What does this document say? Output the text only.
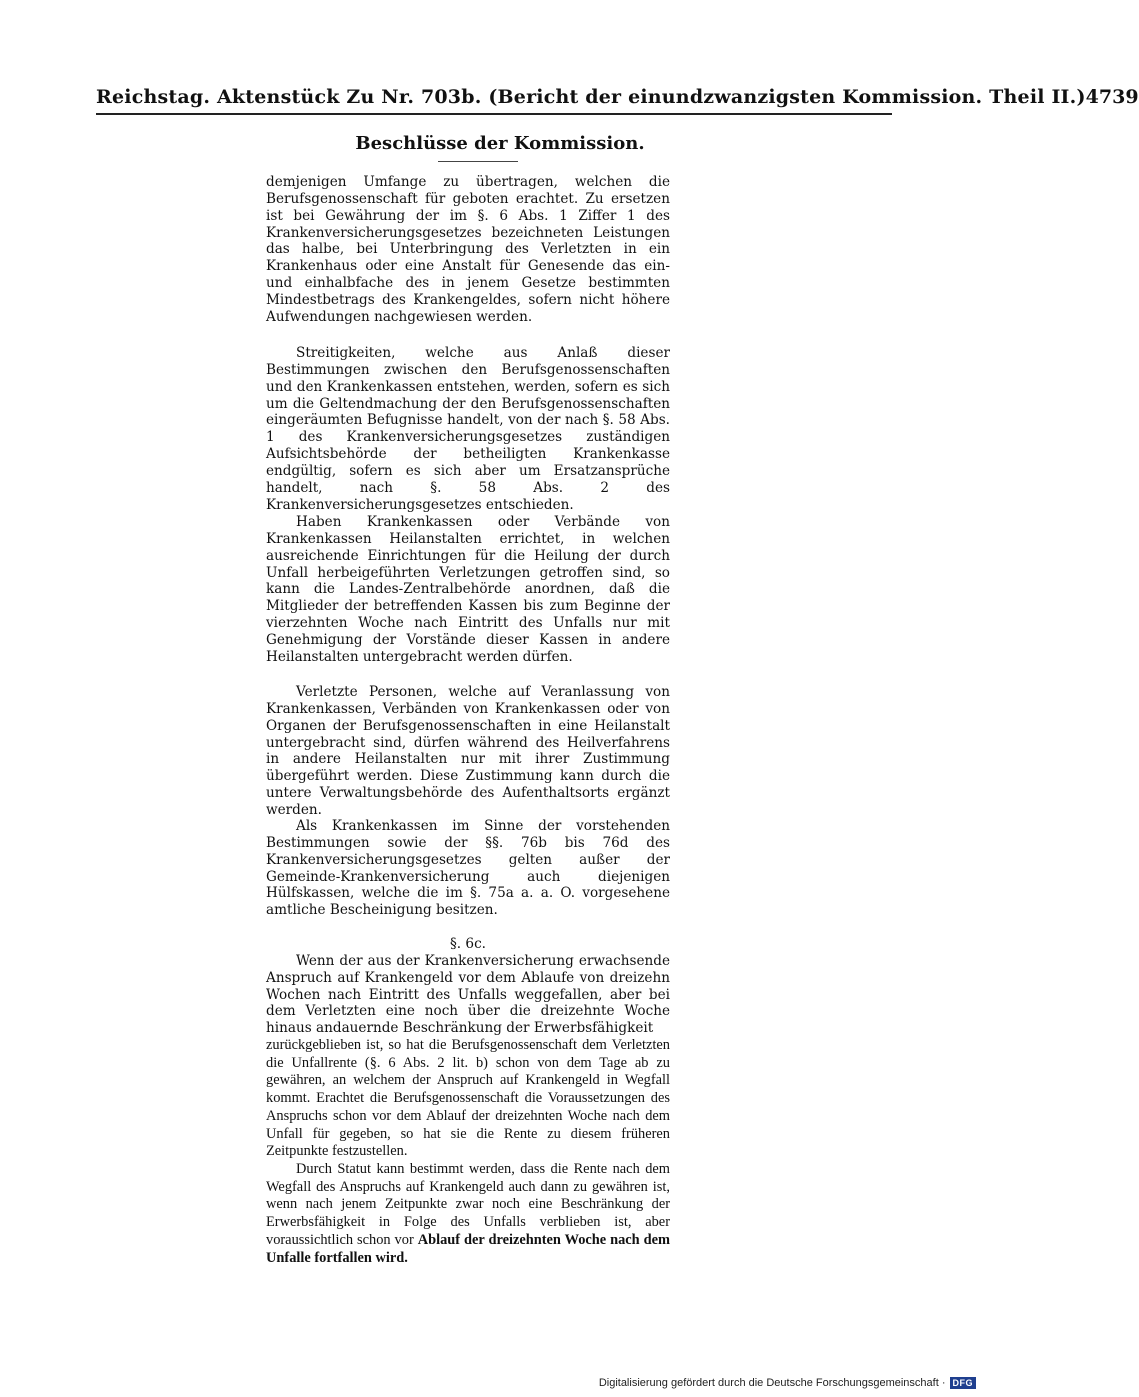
Reichstag. Aktenstück Zu Nr. 703b. (Bericht der einundzwanzigsten Kommission. Theil II.) 4739
Beschlüsse der Kommission.

demjenigen Umfange zu übertragen, welchen die Berufsgenossenschaft für geboten erachtet. Zu ersetzen ist bei Gewährung der im §. 6 Abs. 1 Ziffer 1 des Krankenversicherungsgesetzes bezeichneten Leistungen das halbe, bei Unterbringung des Verletzten in ein Krankenhaus oder eine Anstalt für Genesende das ein- und einhalbfache des in jenem Gesetze bestimmten Mindestbetrags des Krankengeldes, sofern nicht höhere Aufwendungen nachgewiesen werden.

Streitigkeiten, welche aus Anlaß dieser Bestimmungen zwischen den Berufsgenossenschaften und den Krankenkassen entstehen, werden, sofern es sich um die Geltendmachung der den Berufsgenossenschaften eingeräumten Befugnisse handelt, von der nach §. 58 Abs. 1 des Krankenversicherungsgesetzes zuständigen Aufsichtsbehörde der betheiligten Krankenkasse endgültig, sofern es sich aber um Ersatzansprüche handelt, nach §. 58 Abs. 2 des Krankenversicherungsgesetzes entschieden.

Haben Krankenkassen oder Verbände von Krankenkassen Heilanstalten errichtet, in welchen ausreichende Einrichtungen für die Heilung der durch Unfall herbeigeführten Verletzungen getroffen sind, so kann die Landes-Zentralbehörde anordnen, daß die Mitglieder der betreffenden Kassen bis zum Beginne der vierzehnten Woche nach Eintritt des Unfalls nur mit Genehmigung der Vorstände dieser Kassen in andere Heilanstalten untergebracht werden dürfen.

Verletzte Personen, welche auf Veranlassung von Krankenkassen, Verbänden von Krankenkassen oder von Organen der Berufsgenossenschaften in eine Heilanstalt untergebracht sind, dürfen während des Heilverfahrens in andere Heilanstalten nur mit ihrer Zustimmung übergeführt werden. Diese Zustimmung kann durch die untere Verwaltungsbehörde des Aufenthaltsorts ergänzt werden.

Als Krankenkassen im Sinne der vorstehenden Bestimmungen sowie der §§. 76b bis 76d des Krankenversicherungsgesetzes gelten außer der Gemeinde-Krankenversicherung auch diejenigen Hülfskassen, welche die im §. 75a a. a. O. vorgesehene amtliche Bescheinigung besitzen.

§. 6c.

Wenn der aus der Krankenversicherung erwachsende Anspruch auf Krankengeld vor dem Ablaufe von dreizehn Wochen nach Eintritt des Unfalls weggefallen, aber bei dem Verletzten eine noch über die dreizehnte Woche hinaus andauernde Beschränkung der Erwerbsfähigkeit

zurückgeblieben ist, so hat die Berufsgenossenschaft dem Verletzten die Unfallrente (§. 6 Abs. 2 lit. b) schon von dem Tage ab zu gewähren, an welchem der Anspruch auf Krankengeld in Wegfall kommt. Erachtet die Berufsgenossenschaft die Voraussetzungen des Anspruchs schon vor dem Ablauf der dreizehnten Woche nach dem Unfall für gegeben, so hat sie die Rente zu diesem früheren Zeitpunkte festzustellen.

Durch Statut kann bestimmt werden, dass die Rente nach dem Wegfall des Anspruchs auf Krankengeld auch dann zu gewähren ist, wenn nach jenem Zeitpunkte zwar noch eine Beschränkung der Erwerbsfähigkeit in Folge des Unfalls verblieben ist, aber voraussichtlich schon vor Ablauf der dreizehnten Woche nach dem Unfalle fortfallen wird.

Digitalisierung gefördert durch die Deutsche Forschungsgemeinschaft · DFG
